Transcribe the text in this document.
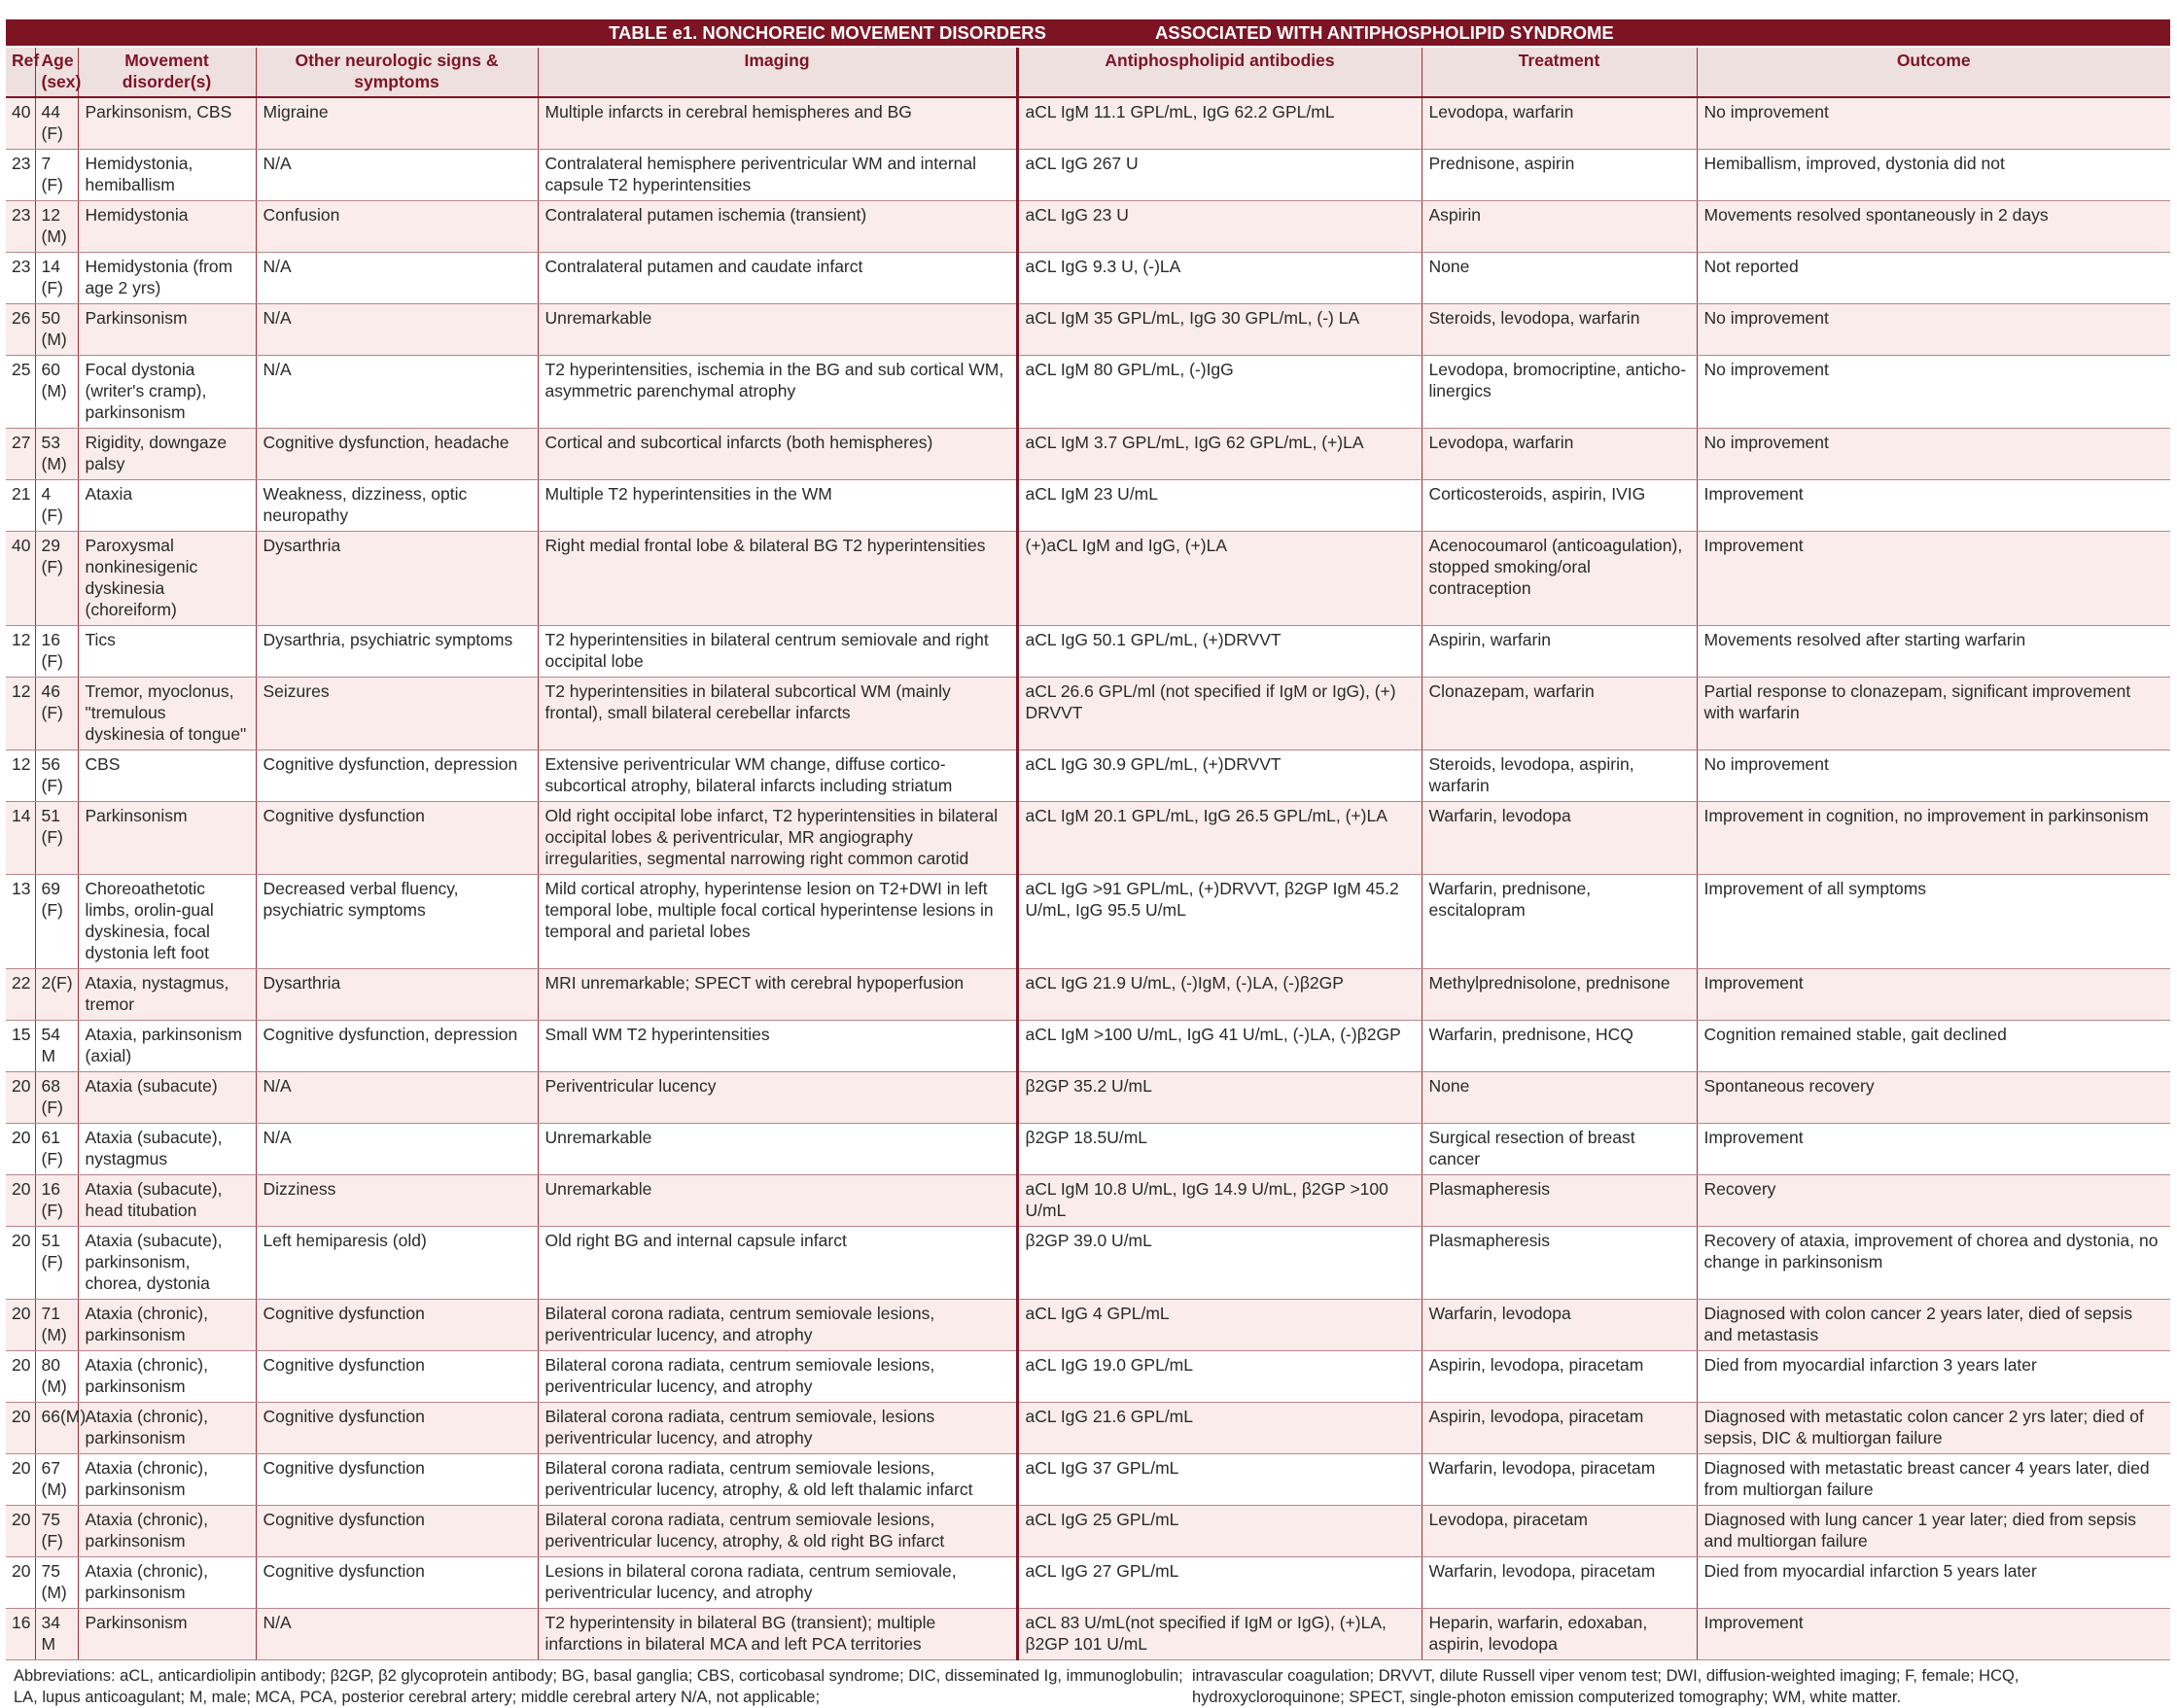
TABLE e1. NONCHOREIC MOVEMENT DISORDERS	ASSOCIATED WITH ANTIPHOSPHOLIPID SYNDROME
Ref	Age (sex)	Movement disorder(s)	Other neurologic signs & symptoms	Imaging	Antiphospholipid antibodies	Treatment	Outcome
40	44 (F)	Parkinsonism, CBS	Migraine	Multiple infarcts in cerebral hemispheres and BG	aCL IgM 11.1 GPL/mL, IgG 62.2 GPL/mL	Levodopa, warfarin	No improvement
23	7 (F)	Hemidystonia, hemiballism	N/A	Contralateral hemisphere periventricular WM and internal capsule T2 hyperintensities	aCL IgG 267 U	Prednisone, aspirin	Hemiballism, improved, dystonia did not
23	12 (M)	Hemidystonia	Confusion	Contralateral putamen ischemia (transient)	aCL IgG 23 U	Aspirin	Movements resolved spontaneously in 2 days
23	14 (F)	Hemidystonia (from age 2 yrs)	N/A	Contralateral putamen and caudate infarct	aCL IgG 9.3 U, (-)LA	None	Not reported
26	50 (M)	Parkinsonism	N/A	Unremarkable	aCL IgM 35 GPL/mL, IgG 30 GPL/mL, (-) LA	Steroids, levodopa, warfarin	No improvement
25	60 (M)	Focal dystonia (writer's cramp), parkinsonism	N/A	T2 hyperintensities, ischemia in the BG and sub cortical WM, asymmetric parenchymal atrophy	aCL IgM 80 GPL/mL, (-)IgG	Levodopa, bromocriptine, anticho-linergics	No improvement
27	53 (M)	Rigidity, downgaze palsy	Cognitive dysfunction, headache	Cortical and subcortical infarcts (both hemispheres)	aCL IgM 3.7 GPL/mL, IgG 62 GPL/mL, (+)LA	Levodopa, warfarin	No improvement
21	4 (F)	Ataxia	Weakness, dizziness, optic neuropathy	Multiple T2 hyperintensities in the WM	aCL IgM 23 U/mL	Corticosteroids, aspirin, IVIG	Improvement
40	29 (F)	Paroxysmal nonkinesigenic dyskinesia (choreiform)	Dysarthria	Right medial frontal lobe & bilateral BG T2 hyperintensities	(+)aCL IgM and IgG, (+)LA	Acenocoumarol (anticoagulation), stopped smoking/oral contraception	Improvement
12	16 (F)	Tics	Dysarthria, psychiatric symptoms	T2 hyperintensities in bilateral centrum semiovale and right occipital lobe	aCL IgG 50.1 GPL/mL, (+)DRVVT	Aspirin, warfarin	Movements resolved after starting warfarin
12	46 (F)	Tremor, myoclonus, "tremulous dyskinesia of tongue"	Seizures	T2 hyperintensities in bilateral subcortical WM (mainly frontal), small bilateral cerebellar infarcts	aCL 26.6 GPL/ml (not specified if IgM or IgG), (+) DRVVT	Clonazepam, warfarin	Partial response to clonazepam, significant improvement with warfarin
12	56 (F)	CBS	Cognitive dysfunction, depression	Extensive periventricular WM change, diffuse cortico-subcortical atrophy, bilateral infarcts including striatum	aCL IgG 30.9 GPL/mL, (+)DRVVT	Steroids, levodopa, aspirin, warfarin	No improvement
14	51 (F)	Parkinsonism	Cognitive dysfunction	Old right occipital lobe infarct, T2 hyperintensities in bilateral occipital lobes & periventricular, MR angiography irregularities, segmental narrowing right common carotid	aCL IgM 20.1 GPL/mL, IgG 26.5 GPL/mL, (+)LA	Warfarin, levodopa	Improvement in cognition, no improvement in parkinsonism
13	69 (F)	Choreoathetotic limbs, orolin-gual dyskinesia, focal dystonia left foot	Decreased verbal fluency, psychiatric symptoms	Mild cortical atrophy, hyperintense lesion on T2+DWI in left temporal lobe, multiple focal cortical hyperintense lesions in temporal and parietal lobes	aCL IgG >91 GPL/mL, (+)DRVVT, β2GP IgM 45.2 U/mL, IgG 95.5 U/mL	Warfarin, prednisone, escitalopram	Improvement of all symptoms
22	2(F)	Ataxia, nystagmus, tremor	Dysarthria	MRI unremarkable; SPECT with cerebral hypoperfusion	aCL IgG 21.9 U/mL, (-)IgM, (-)LA, (-)β2GP	Methylprednisolone, prednisone	Improvement
15	54 M	Ataxia, parkinsonism (axial)	Cognitive dysfunction, depression	Small WM T2 hyperintensities	aCL IgM >100 U/mL, IgG 41 U/mL, (-)LA, (-)β2GP	Warfarin, prednisone, HCQ	Cognition remained stable, gait declined
20	68 (F)	Ataxia (subacute)	N/A	Periventricular lucency	β2GP 35.2 U/mL	None	Spontaneous recovery
20	61 (F)	Ataxia (subacute), nystagmus	N/A	Unremarkable	β2GP 18.5U/mL	Surgical resection of breast cancer	Improvement
20	16 (F)	Ataxia (subacute), head titubation	Dizziness	Unremarkable	aCL IgM 10.8 U/mL, IgG 14.9 U/mL, β2GP >100 U/mL	Plasmapheresis	Recovery
20	51 (F)	Ataxia (subacute), parkinsonism, chorea, dystonia	Left hemiparesis (old)	Old right BG and internal capsule infarct	β2GP 39.0 U/mL	Plasmapheresis	Recovery of ataxia, improvement of chorea and dystonia, no change in parkinsonism
20	71 (M)	Ataxia (chronic), parkinsonism	Cognitive dysfunction	Bilateral corona radiata, centrum semiovale lesions, periventricular lucency, and atrophy	aCL IgG 4 GPL/mL	Warfarin, levodopa	Diagnosed with colon cancer 2 years later, died of sepsis and metastasis
20	80 (M)	Ataxia (chronic), parkinsonism	Cognitive dysfunction	Bilateral corona radiata, centrum semiovale lesions, periventricular lucency, and atrophy	aCL IgG 19.0 GPL/mL	Aspirin, levodopa, piracetam	Died from myocardial infarction 3 years later
20	66(M)	Ataxia (chronic), parkinsonism	Cognitive dysfunction	Bilateral corona radiata, centrum semiovale, lesions periventricular lucency, and atrophy	aCL IgG 21.6 GPL/mL	Aspirin, levodopa, piracetam	Diagnosed with metastatic colon cancer 2 yrs later; died of sepsis, DIC & multiorgan failure
20	67 (M)	Ataxia (chronic), parkinsonism	Cognitive dysfunction	Bilateral corona radiata, centrum semiovale lesions, periventricular lucency, atrophy, & old left thalamic infarct	aCL IgG 37 GPL/mL	Warfarin, levodopa, piracetam	Diagnosed with metastatic breast cancer 4 years later, died from multiorgan failure
20	75 (F)	Ataxia (chronic), parkinsonism	Cognitive dysfunction	Bilateral corona radiata, centrum semiovale lesions, periventricular lucency, atrophy, & old right BG infarct	aCL IgG 25 GPL/mL	Levodopa, piracetam	Diagnosed with lung cancer 1 year later; died from sepsis and multiorgan failure
20	75 (M)	Ataxia (chronic), parkinsonism	Cognitive dysfunction	Lesions in bilateral corona radiata, centrum semiovale, periventricular lucency, and atrophy	aCL IgG 27 GPL/mL	Warfarin, levodopa, piracetam	Died from myocardial infarction 5 years later
16	34 M	Parkinsonism	N/A	T2 hyperintensity in bilateral BG (transient); multiple infarctions in bilateral MCA and left PCA territories	aCL 83 U/mL(not specified if IgM or IgG), (+)LA, β2GP 101 U/mL	Heparin, warfarin, edoxaban, aspirin, levodopa	Improvement
Abbreviations: aCL, anticardiolipin antibody; β2GP, β2 glycoprotein antibody; BG, basal ganglia; CBS, corticobasal syndrome; DIC, disseminated Ig, immunoglobulin; LA, lupus anticoagulant; M, male; MCA, PCA, posterior cerebral artery; middle cerebral artery N/A, not applicable;
intravascular coagulation; DRVVT, dilute Russell viper venom test; DWI, diffusion-weighted imaging; F, female; HCQ, hydroxycloroquinone; SPECT, single-photon emission computerized tomography; WM, white matter.
